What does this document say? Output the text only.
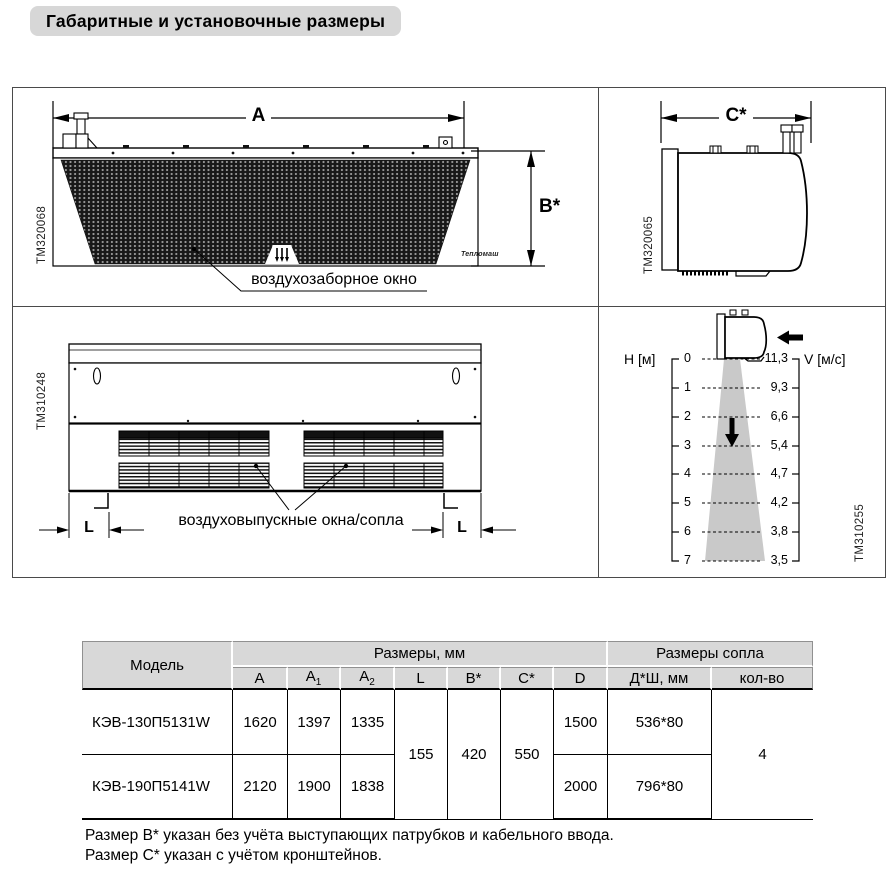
Габаритные и установочные размеры
A
B*
TM320068
воздухозаборное окно
Тепломаш
C*
TM320065
TM310248
воздуховыпускные окна/сопла
L	L
H [м]	V [м/с]
0
1
2
3
4
5
6
7
11,3
9,3
6,6
5,4
4,7
4,2
3,8
3,5	TM310255
Модель	Размеры, мм							Размеры сопла	
	A	$A_1$	$A_2$	L	B*	C*	D	Д*Ш, мм	кол-во
КЭВ-130П5131W	1620	1397	1335	155	420	550	1500	536*80	4
КЭВ-190П5141W	2120	1900	1838				2000	796*80	
Размер B* указан без учёта выступающих патрубков и кабельного ввода.
Размер C* указан с учётом кронштейнов.
